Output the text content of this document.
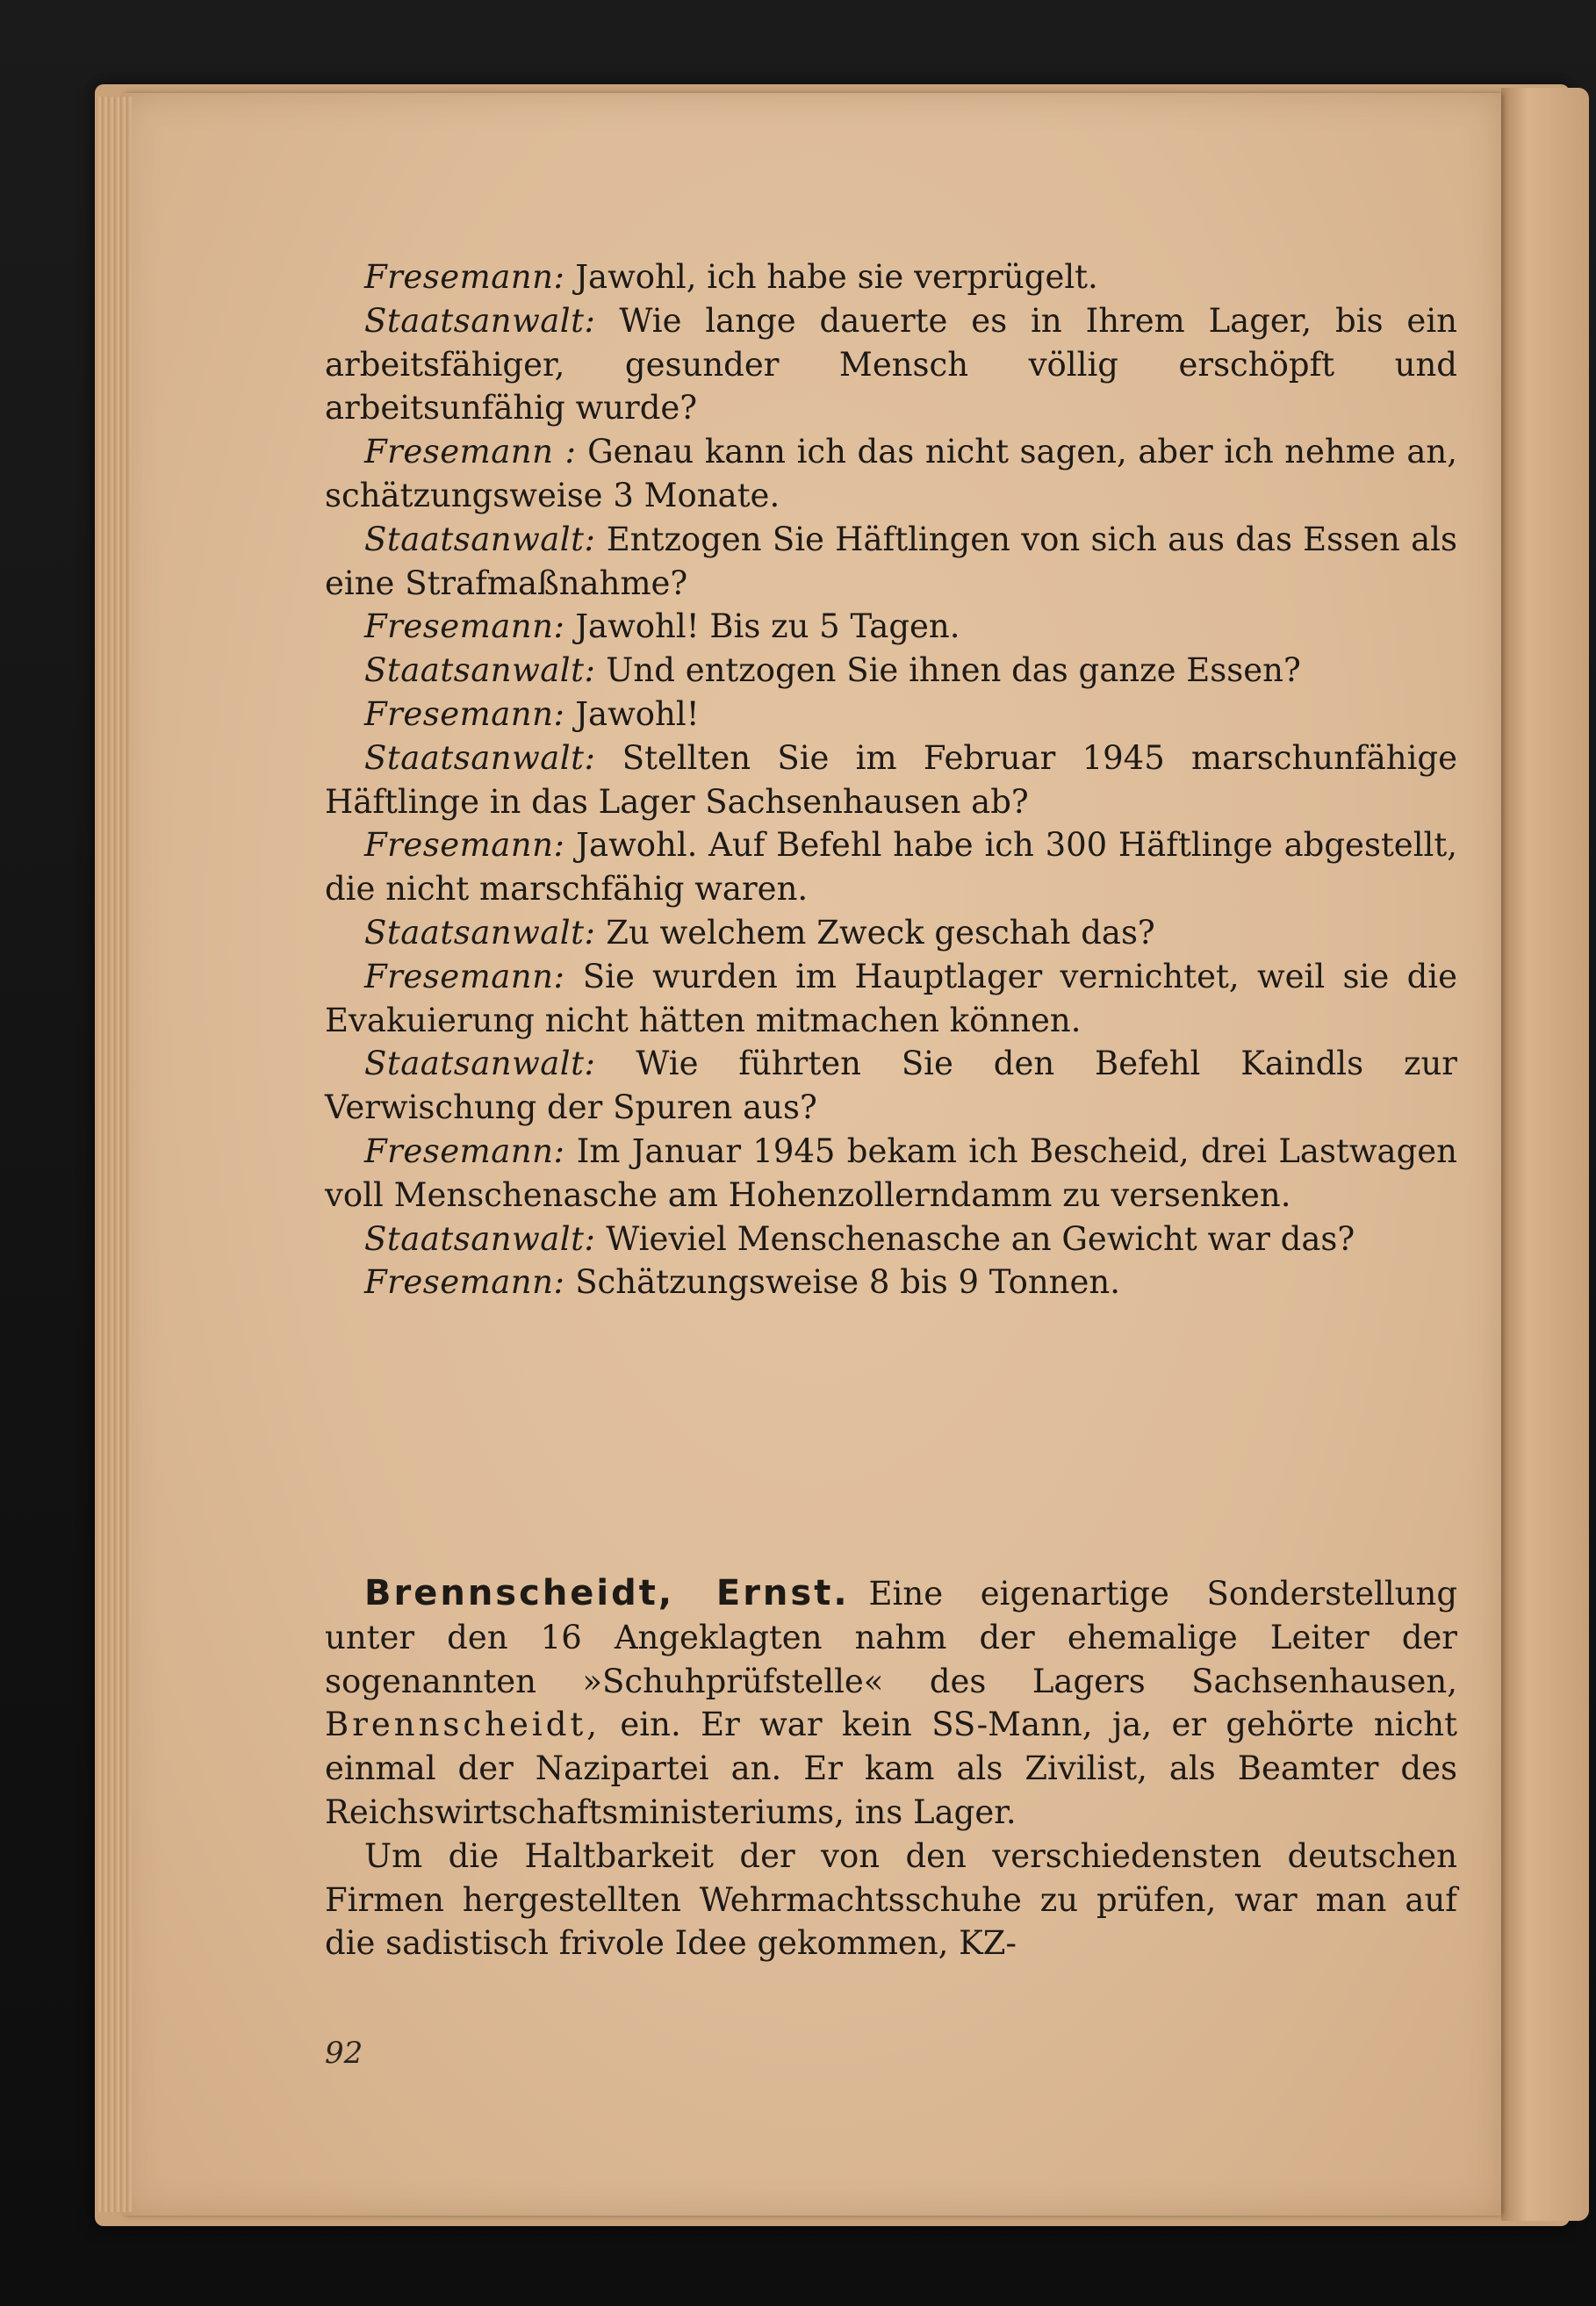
Fresemann: Jawohl, ich habe sie verprügelt.

Staatsanwalt: Wie lange dauerte es in Ihrem Lager, bis ein arbeitsfähiger, gesunder Mensch völlig erschöpft und arbeitsunfähig wurde?

Fresemann : Genau kann ich das nicht sagen, aber ich nehme an, schätzungsweise 3 Monate.

Staatsanwalt: Entzogen Sie Häftlingen von sich aus das Essen als eine Strafmaßnahme?

Fresemann: Jawohl! Bis zu 5 Tagen.

Staatsanwalt: Und entzogen Sie ihnen das ganze Essen?

Fresemann: Jawohl!

Staatsanwalt: Stellten Sie im Februar 1945 marschunfähige Häftlinge in das Lager Sachsenhausen ab?

Fresemann: Jawohl. Auf Befehl habe ich 300 Häftlinge abgestellt, die nicht marschfähig waren.

Staatsanwalt: Zu welchem Zweck geschah das?

Fresemann: Sie wurden im Hauptlager vernichtet, weil sie die Evakuierung nicht hätten mitmachen können.

Staatsanwalt: Wie führten Sie den Befehl Kaindls zur Verwischung der Spuren aus?

Fresemann: Im Januar 1945 bekam ich Bescheid, drei Lastwagen voll Menschenasche am Hohenzollerndamm zu versenken.

Staatsanwalt: Wieviel Menschenasche an Gewicht war das?

Fresemann: Schätzungsweise 8 bis 9 Tonnen.

Brennscheidt, Ernst. Eine eigenartige Sonderstellung unter den 16 Angeklagten nahm der ehemalige Leiter der sogenannten »Schuhprüfstelle« des Lagers Sachsenhausen, Brennscheidt, ein. Er war kein SS-Mann, ja, er gehörte nicht einmal der Nazipartei an. Er kam als Zivilist, als Beamter des Reichswirtschaftsministeriums, ins Lager.

Um die Haltbarkeit der von den verschiedensten deutschen Firmen hergestellten Wehrmachtsschuhe zu prüfen, war man auf die sadistisch frivole Idee gekommen, KZ-

92
